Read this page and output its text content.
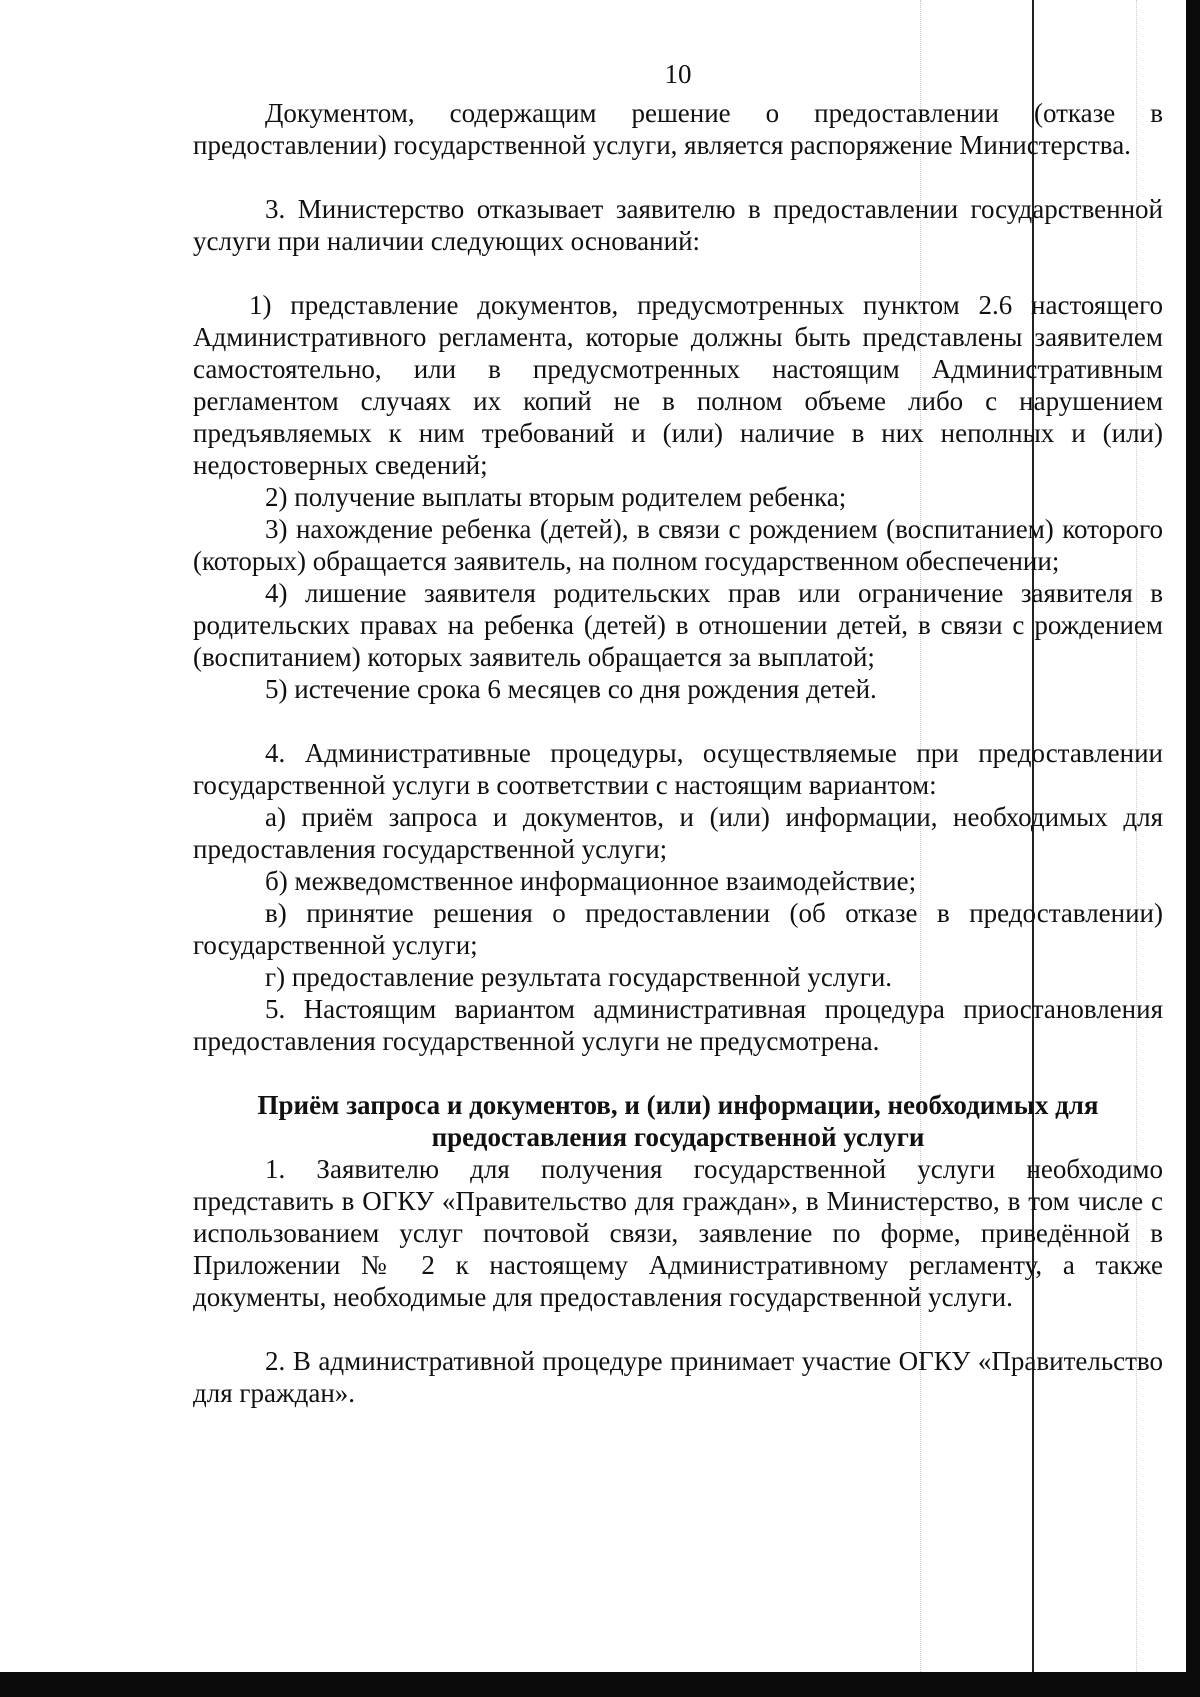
10

Документом, содержащим решение о предоставлении (отказе в предоставлении) государственной услуги, является распоряжение Министерства.

3. Министерство отказывает заявителю в предоставлении государственной услуги при наличии следующих оснований:

1) представление документов, предусмотренных пунктом 2.6 настоящего Административного регламента, которые должны быть представлены заявителем самостоятельно, или в предусмотренных настоящим Административным регламентом случаях их копий не в полном объеме либо с нарушением предъявляемых к ним требований и (или) наличие в них неполных и (или) недостоверных сведений;

2) получение выплаты вторым родителем ребенка;

3) нахождение ребенка (детей), в связи с рождением (воспитанием) которого (которых) обращается заявитель, на полном государственном обеспечении;

4) лишение заявителя родительских прав или ограничение заявителя в родительских правах на ребенка (детей) в отношении детей, в связи с рождением (воспитанием) которых заявитель обращается за выплатой;

5) истечение срока 6 месяцев со дня рождения детей.

4. Административные процедуры, осуществляемые при предоставлении государственной услуги в соответствии с настоящим вариантом:

а) приём запроса и документов, и (или) информации, необходимых для предоставления государственной услуги;

б) межведомственное информационное взаимодействие;

в) принятие решения о предоставлении (об отказе в предоставлении) государственной услуги;

г) предоставление результата государственной услуги.

5. Настоящим вариантом административная процедура приостановления предоставления государственной услуги не предусмотрена.

Приём запроса и документов, и (или) информации, необходимых для
предоставления государственной услуги

1. Заявителю для получения государственной услуги необходимо представить в ОГКУ «Правительство для граждан», в Министерство, в том числе с использованием услуг почтовой связи, заявление по форме, приведённой в Приложении № 2 к настоящему Административному регламенту, а также документы, необходимые для предоставления государственной услуги.

2. В административной процедуре принимает участие ОГКУ «Правительство для граждан».
